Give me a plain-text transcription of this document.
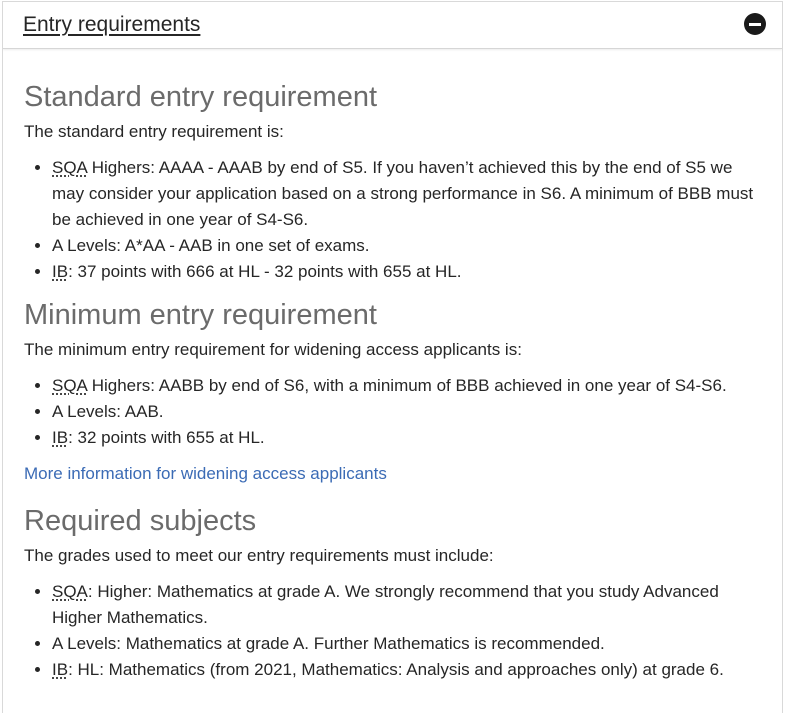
Entry requirements
Standard entry requirement

The standard entry requirement is:

• SQA Highers: AAAA - AAAB by end of S5. If you haven’t achieved this by the end of S5 we may consider your application based on a strong performance in S6. A minimum of BBB must be achieved in one year of S4-S6.
• A Levels: A*AA - AAB in one set of exams.
• IB: 37 points with 666 at HL - 32 points with 655 at HL.
Minimum entry requirement

The minimum entry requirement for widening access applicants is:

• SQA Highers: AABB by end of S6, with a minimum of BBB achieved in one year of S4-S6.
• A Levels: AAB.
• IB: 32 points with 655 at HL.
More information for widening access applicants
Required subjects

The grades used to meet our entry requirements must include:

• SQA: Higher: Mathematics at grade A. We strongly recommend that you study Advanced Higher Mathematics.
• A Levels: Mathematics at grade A. Further Mathematics is recommended.
• IB: HL: Mathematics (from 2021, Mathematics: Analysis and approaches only) at grade 6.
